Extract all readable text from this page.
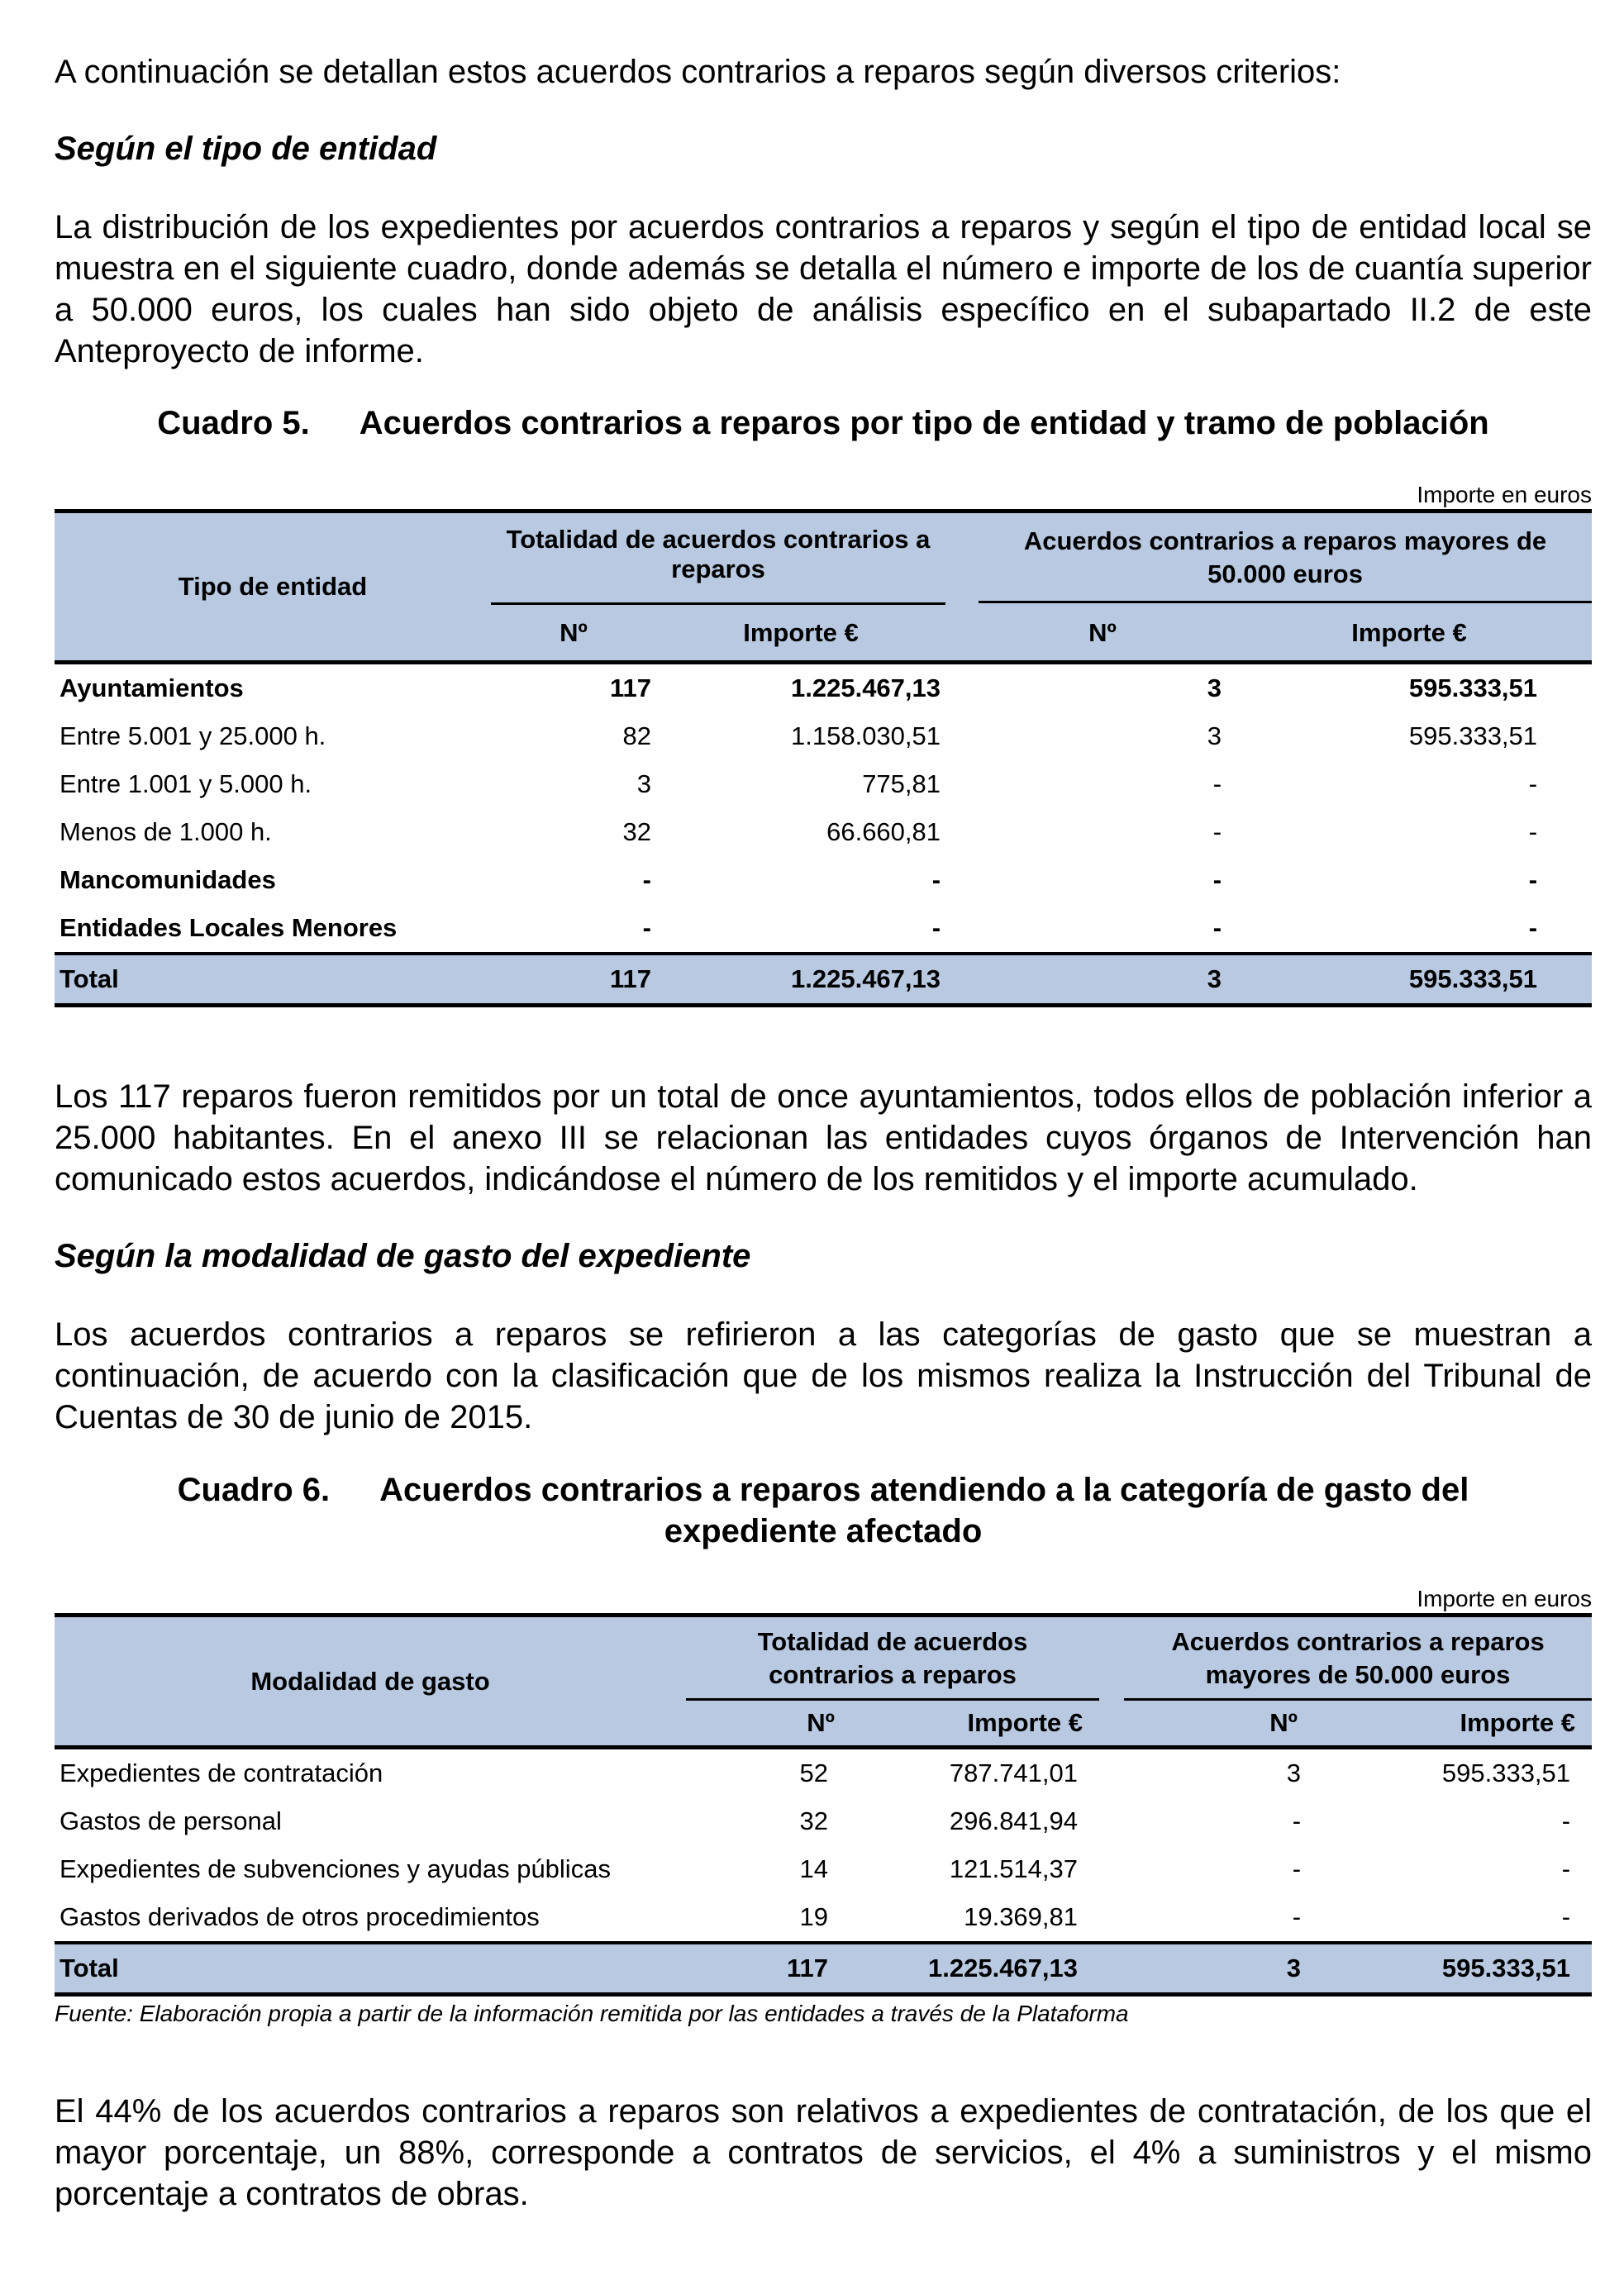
A continuación se detallan estos acuerdos contrarios a reparos según diversos criterios:

Según el tipo de entidad

La distribución de los expedientes por acuerdos contrarios a reparos y según el tipo de entidad local se muestra en el siguiente cuadro, donde además se detalla el número e importe de los de cuantía superior a 50.000 euros, los cuales han sido objeto de análisis específico en el subapartado II.2 de este Anteproyecto de informe.

Cuadro 5. Acuerdos contrarios a reparos por tipo de entidad y tramo de población

Importe en euros
Tipo de entidad	Totalidad de acuerdos contrarios a reparos			Acuerdos contrarios a reparos mayores de 50.000 euros	

	Nº	Importe €		Nº	Importe €
Ayuntamientos	117	1.225.467,13		3	595.333,51
Entre 5.001 y 25.000 h.	82	1.158.030,51		3	595.333,51
Entre 1.001 y 5.000 h.	3	775,81		-	-
Menos de 1.000 h.	32	66.660,81		-	-
Mancomunidades	-	-		-	-
Entidades Locales Menores	-	-		-	-
Total	117	1.225.467,13		3	595.333,51

Los 117 reparos fueron remitidos por un total de once ayuntamientos, todos ellos de población inferior a 25.000 habitantes. En el anexo III se relacionan las entidades cuyos órganos de Intervención han comunicado estos acuerdos, indicándose el número de los remitidos y el importe acumulado.

Según la modalidad de gasto del expediente

Los acuerdos contrarios a reparos se refirieron a las categorías de gasto que se muestran a continuación, de acuerdo con la clasificación que de los mismos realiza la Instrucción del Tribunal de Cuentas de 30 de junio de 2015.

Cuadro 6. Acuerdos contrarios a reparos atendiendo a la categoría de gasto del
expediente afectado

Importe en euros
Modalidad de gasto	Totalidad de acuerdos contrarios a reparos			Acuerdos contrarios a reparos mayores de 50.000 euros	

	Nº	Importe €		Nº	Importe €
Expedientes de contratación	52	787.741,01		3	595.333,51
Gastos de personal	32	296.841,94		-	-
Expedientes de subvenciones y ayudas públicas	14	121.514,37		-	-
Gastos derivados de otros procedimientos	19	19.369,81		-	-
Total	117	1.225.467,13		3	595.333,51
Fuente: Elaboración propia a partir de la información remitida por las entidades a través de la Plataforma

El 44% de los acuerdos contrarios a reparos son relativos a expedientes de contratación, de los que el mayor porcentaje, un 88%, corresponde a contratos de servicios, el 4% a suministros y el mismo porcentaje a contratos de obras.
